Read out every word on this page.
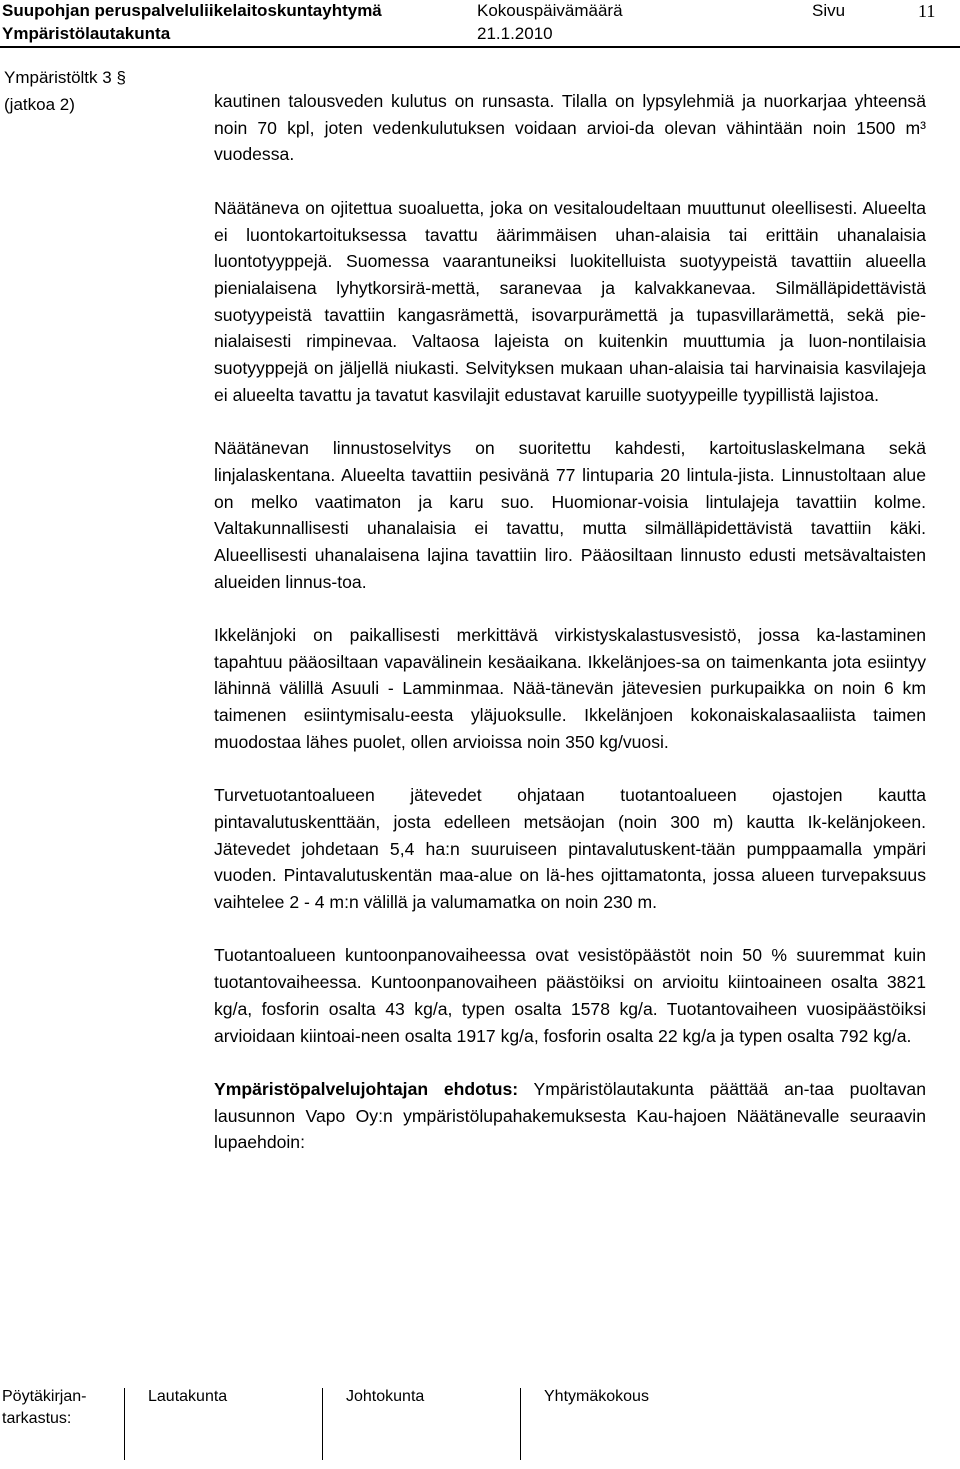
Suupohjan peruspalveluliikelaitoskuntayhtymä
Ympäristölautakunta
Kokouspäivämäärä
21.1.2010
Sivu	11
Ympäristöltk 3 §
(jatkoa 2)	kautinen talousveden kulutus on runsasta. Tilalla on lypsylehmiä ja nuorkarjaa yhteensä noin 70 kpl, joten vedenkulutuksen voidaan arvioi-da olevan vähintään noin 1500 m³ vuodessa.

Näätäneva on ojitettua suoaluetta, joka on vesitaloudeltaan muuttunut oleellisesti. Alueelta ei luontokartoituksessa tavattu äärimmäisen uhan-alaisia tai erittäin uhanalaisia luontotyyppejä. Suomessa vaarantuneiksi luokitelluista suotyypeistä tavattiin alueella pienialaisena lyhytkorsirä-mettä, saranevaa ja kalvakkanevaa. Silmälläpidettävistä suotyypeistä tavattiin kangasrämettä, isovarpurämettä ja tupasvillarämettä, sekä pie-nialaisesti rimpinevaa. Valtaosa lajeista on kuitenkin muuttumia ja luon-nontilaisia suotyyppejä on jäljellä niukasti. Selvityksen mukaan uhan-alaisia tai harvinaisia kasvilajeja ei alueelta tavattu ja tavatut kasvilajit edustavat karuille suotyypeille tyypillistä lajistoa.

Näätänevan linnustoselvitys on suoritettu kahdesti, kartoituslaskelmana sekä linjalaskentana. Alueelta tavattiin pesivänä 77 lintuparia 20 lintula-jista. Linnustoltaan alue on melko vaatimaton ja karu suo. Huomionar-voisia lintulajeja tavattiin kolme. Valtakunnallisesti uhanalaisia ei tavattu, mutta silmälläpidettävistä tavattiin käki. Alueellisesti uhanalaisena lajina tavattiin liro. Pääosiltaan linnusto edusti metsävaltaisten alueiden linnus-toa.

Ikkelänjoki on paikallisesti merkittävä virkistyskalastusvesistö, jossa ka-lastaminen tapahtuu pääosiltaan vapavälinein kesäaikana. Ikkelänjoes-sa on taimenkanta jota esiintyy lähinnä välillä Asuuli - Lamminmaa. Nää-tänevän jätevesien purkupaikka on noin 6 km taimenen esiintymisalu-eesta yläjuoksulle. Ikkelänjoen kokonaiskalasaaliista taimen muodostaa lähes puolet, ollen arvioissa noin 350 kg/vuosi.

Turvetuotantoalueen jätevedet ohjataan tuotantoalueen ojastojen kautta pintavalutuskenttään, josta edelleen metsäojan (noin 300 m) kautta Ik-kelänjokeen. Jätevedet johdetaan 5,4 ha:n suuruiseen pintavalutuskent-tään pumppaamalla ympäri vuoden. Pintavalutuskentän maa-alue on lä-hes ojittamatonta, jossa alueen turvepaksuus vaihtelee 2 - 4 m:n välillä ja valumamatka on noin 230 m.

Tuotantoalueen kuntoonpanovaiheessa ovat vesistöpäästöt noin 50 % suuremmat kuin tuotantovaiheessa. Kuntoonpanovaiheen päästöiksi on arvioitu kiintoaineen osalta 3821 kg/a, fosforin osalta 43 kg/a, typen osalta 1578 kg/a. Tuotantovaiheen vuosipäästöiksi arvioidaan kiintoai-neen osalta 1917 kg/a, fosforin osalta 22 kg/a ja typen osalta 792 kg/a.

Ympäristöpalvelujohtajan ehdotus: Ympäristölautakunta päättää an-taa puoltavan lausunnon Vapo Oy:n ympäristölupahakemuksesta Kau-hajoen Näätänevalle seuraavin lupaehdoin:

Pöytäkirjan-
tarkastus:
Lautakunta	Johtokunta	Yhtymäkokous
